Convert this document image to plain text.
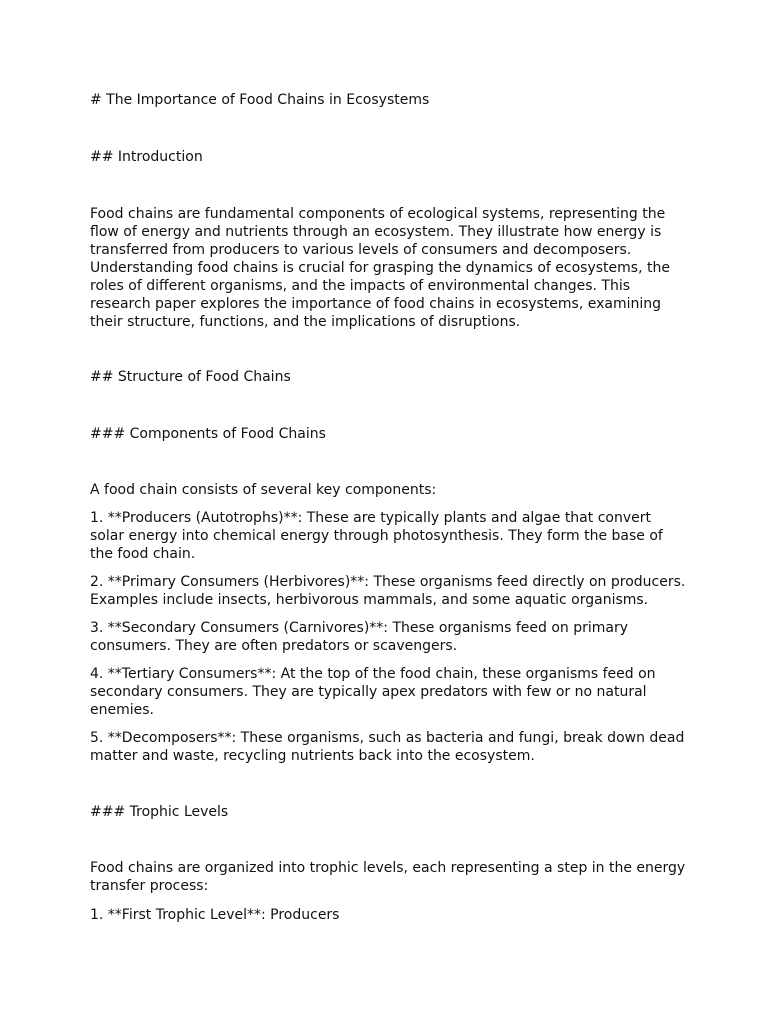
# The Importance of Food Chains in Ecosystems

## Introduction

Food chains are fundamental components of ecological systems, representing the flow of energy and nutrients through an ecosystem. They illustrate how energy is transferred from producers to various levels of consumers and decomposers. Understanding food chains is crucial for grasping the dynamics of ecosystems, the roles of different organisms, and the impacts of environmental changes. This research paper explores the importance of food chains in ecosystems, examining their structure, functions, and the implications of disruptions.

## Structure of Food Chains

### Components of Food Chains

A food chain consists of several key components:

1. **Producers (Autotrophs)**: These are typically plants and algae that convert solar energy into chemical energy through photosynthesis. They form the base of the food chain.

2. **Primary Consumers (Herbivores)**: These organisms feed directly on producers. Examples include insects, herbivorous mammals, and some aquatic organisms.

3. **Secondary Consumers (Carnivores)**: These organisms feed on primary consumers. They are often predators or scavengers.

4. **Tertiary Consumers**: At the top of the food chain, these organisms feed on secondary consumers. They are typically apex predators with few or no natural enemies.

5. **Decomposers**: These organisms, such as bacteria and fungi, break down dead matter and waste, recycling nutrients back into the ecosystem.

### Trophic Levels

Food chains are organized into trophic levels, each representing a step in the energy transfer process:

1. **First Trophic Level**: Producers
